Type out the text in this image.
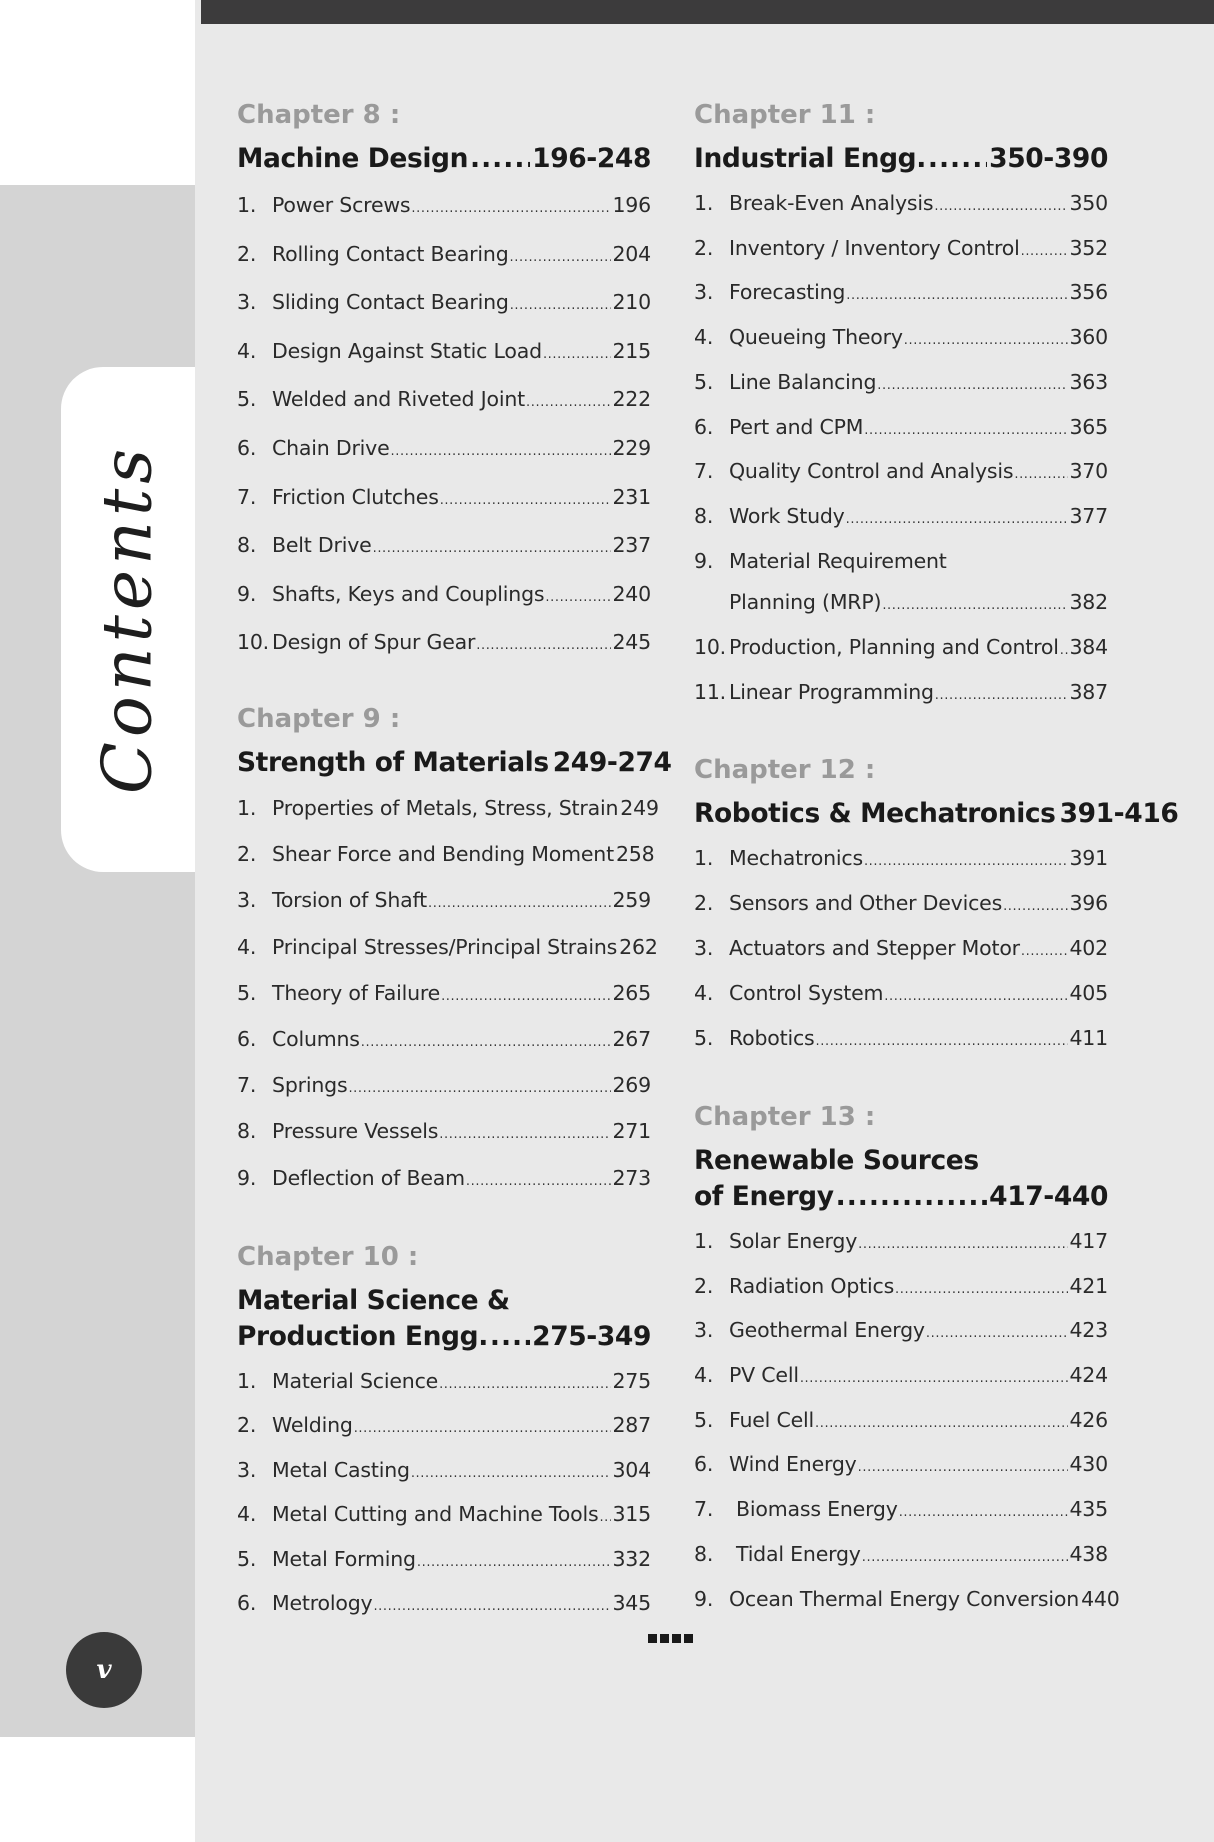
Contents
v
Chapter 8 :
Machine Design ..... 196-248
1. Power Screws .....	196
2. Rolling Contact Bearing .....	204
3. Sliding Contact Bearing .....	210
4. Design Against Static Load .....	215
5. Welded and Riveted Joint .....	222
6. Chain Drive .....	229
7. Friction Clutches .....	231
8. Belt Drive .....	237
9. Shafts, Keys and Couplings .....	240
10. Design of Spur Gear .....	245
Chapter 9 :
Strength of Materials 249-274
1. Properties of Metals, Stress, Strain 249
2. Shear Force and Bending Moment 258
3. Torsion of Shaft .....	259
4. Principal Stresses/Principal Strains 262
5. Theory of Failure .....	265
6. Columns .....	267
7. Springs .....	269
8. Pressure Vessels .....	271
9. Deflection of Beam .....	273
Chapter 10 :
Material Science &
Production Engg. ..... 275-349
1. Material Science .....	275
2. Welding .....	287
3. Metal Casting .....	304
4. Metal Cutting and Machine Tools ..... 315
5. Metal Forming .....	332
6. Metrology .....	345
Chapter 11 :
Industrial Engg. ..... 350-390
1. Break-Even Analysis .....	350
2. Inventory / Inventory Control ..... 352
3. Forecasting .....	356
4. Queueing Theory .....	360
5. Line Balancing .....	363
6. Pert and CPM .....	365
7. Quality Control and Analysis .....	370
8. Work Study .....	377
9. Material Requirement
Planning (MRP) .....	382
10. Production, Planning and Control ..... 384
11. Linear Programming .....	387
Chapter 12 :
Robotics & Mechatronics 391-416
1. Mechatronics .....	391
2. Sensors and Other Devices .....	396
3. Actuators and Stepper Motor ..... 402
4. Control System .....	405
5. Robotics .....	411
Chapter 13 :
Renewable Sources
of Energy .....	417-440
1. Solar Energy .....	417
2. Radiation Optics .....	421
3. Geothermal Energy .....	423
4. PV Cell .....	424
5. Fuel Cell .....	426
6. Wind Energy .....	430
7.	Biomass Energy .....	435
8.	Tidal Energy .....	438
9. Ocean Thermal Energy Conversion 440
